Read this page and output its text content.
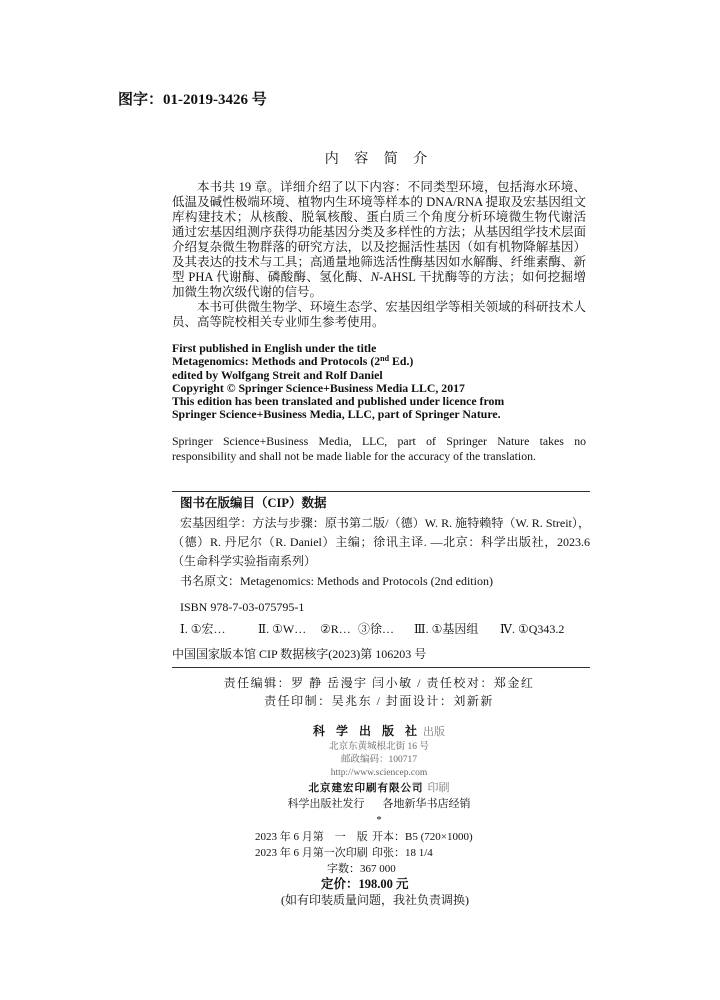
图字：01-2019-3426 号
内 容 简 介
本书共 19 章。详细介绍了以下内容：不同类型环境，包括海水环境、
低温及碱性极端环境、植物内生环境等样本的 DNA/RNA 提取及宏基因组文
库构建技术；从核酸、脱氧核酸、蛋白质三个角度分析环境微生物代谢活
通过宏基因组测序获得功能基因分类及多样性的方法；从基因组学技术层面
介绍复杂微生物群落的研究方法，以及挖掘活性基因（如有机物降解基因）
及其表达的技术与工具；高通量地筛选活性酶基因如水解酶、纤维素酶、新
型 PHA 代谢酶、磷酸酶、氢化酶、N-AHSL 干扰酶等的方法；如何挖掘增
加微生物次级代谢的信号。
本书可供微生物学、环境生态学、宏基因组学等相关领域的科研技术人
员、高等院校相关专业师生参考使用。
First published in English under the title
Metagenomics: Methods and Protocols (2nd Ed.)
edited by Wolfgang Streit and Rolf Daniel
Copyright © Springer Science+Business Media LLC, 2017
This edition has been translated and published under licence from
Springer Science+Business Media, LLC, part of Springer Nature.
Springer Science+Business Media, LLC, part of Springer Nature takes no
responsibility and shall not be made liable for the accuracy of the translation.
图书在版编目（CIP）数据
宏基因组学：方法与步骤：原书第二版/（德）W. R. 施特赖特（W. R. Streit），
（德）R. 丹尼尔（R. Daniel）主编；徐讯主译. —北京：科学出版社，2023.6
（生命科学实验指南系列）
书名原文：Metagenomics: Methods and Protocols (2nd edition)
ISBN 978-7-03-075795-1
Ⅰ. ①宏…	Ⅱ. ①W… ②R… ③徐… Ⅲ. ①基因组 Ⅳ. ①Q343.2
中国国家版本馆 CIP 数据核字(2023)第 106203 号
责任编辑：罗 静 岳漫宇 闫小敏 / 责任校对：郑金红
责任印制：吴兆东 / 封面设计：刘新新
科 学 出 版 社 出版
北京东黄城根北街 16 号
邮政编码：100717
http://www.sciencep.com
北京建宏印刷有限公司 印刷
科学出版社发行 各地新华书店经销
*
2023 年 6 月第　一　版 开本：B5 (720×1000)
2023 年 6 月第一次印刷 印张：18 1/4
字数：367 000
定价：198.00 元
(如有印装质量问题，我社负责调换)
